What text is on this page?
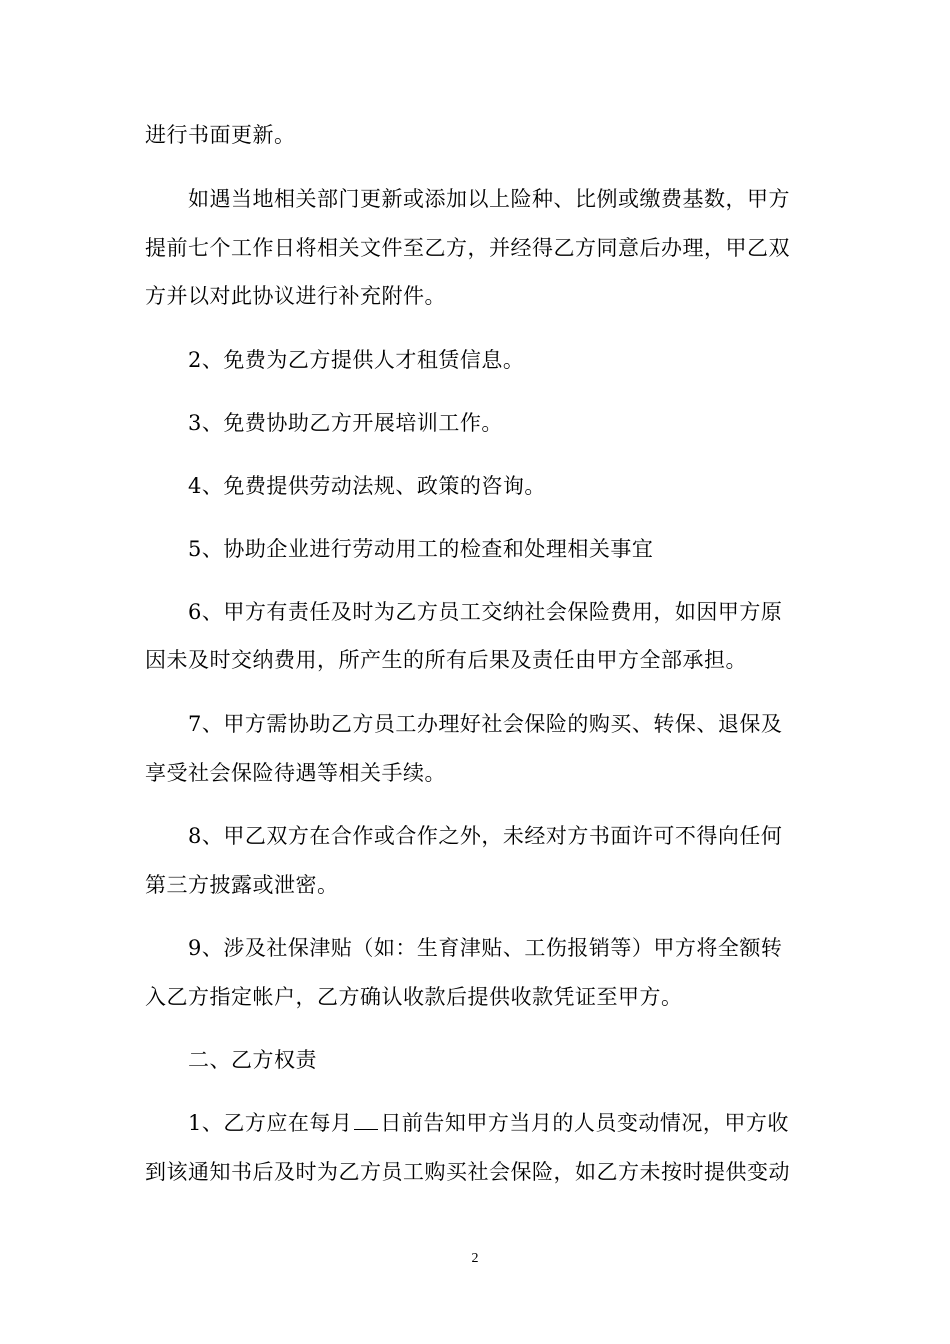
进行书面更新。
如遇当地相关部门更新或添加以上险种、比例或缴费基数，甲方
提前七个工作日将相关文件至乙方，并经得乙方同意后办理，甲乙双
方并以对此协议进行补充附件。
2、免费为乙方提供人才租赁信息。
3、免费协助乙方开展培训工作。
4、免费提供劳动法规、政策的咨询。
5、协助企业进行劳动用工的检查和处理相关事宜
6、甲方有责任及时为乙方员工交纳社会保险费用，如因甲方原
因未及时交纳费用，所产生的所有后果及责任由甲方全部承担。
7、甲方需协助乙方员工办理好社会保险的购买、转保、退保及
享受社会保险待遇等相关手续。
8、甲乙双方在合作或合作之外，未经对方书面许可不得向任何
第三方披露或泄密。
9、涉及社保津贴（如：生育津贴、工伤报销等）甲方将全额转
入乙方指定帐户，乙方确认收款后提供收款凭证至甲方。
二、乙方权责
1、乙方应在每月 日前告知甲方当月的人员变动情况，甲方收
到该通知书后及时为乙方员工购买社会保险，如乙方未按时提供变动
2
